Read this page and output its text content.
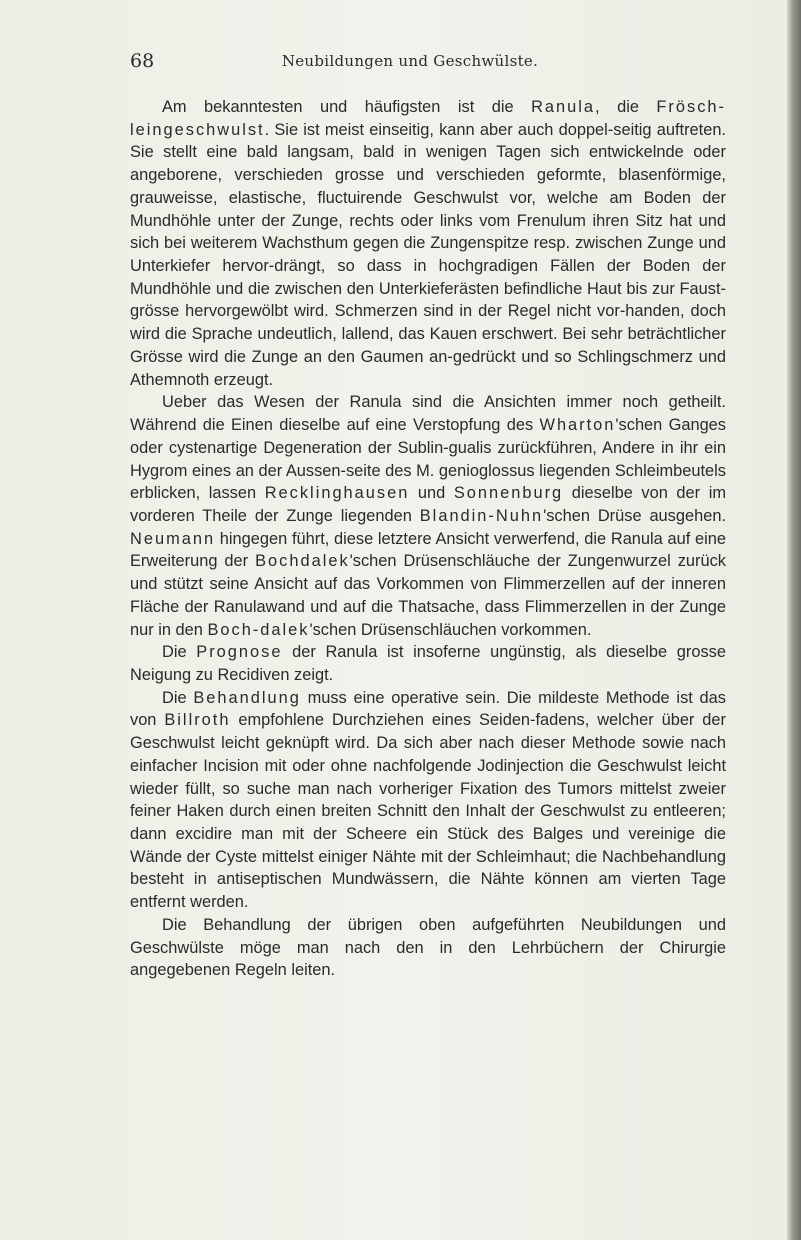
68	Neubildungen und Geschwülste.

Am bekanntesten und häufigsten ist die Ranula, die Frösch-leingeschwulst. Sie ist meist einseitig, kann aber auch doppel-seitig auftreten. Sie stellt eine bald langsam, bald in wenigen Tagen sich entwickelnde oder angeborene, verschieden grosse und verschieden geformte, blasenförmige, grauweisse, elastische, fluctuirende Geschwulst vor, welche am Boden der Mundhöhle unter der Zunge, rechts oder links vom Frenulum ihren Sitz hat und sich bei weiterem Wachsthum gegen die Zungenspitze resp. zwischen Zunge und Unterkiefer hervor-drängt, so dass in hochgradigen Fällen der Boden der Mundhöhle und die zwischen den Unterkieferästen befindliche Haut bis zur Faust-grösse hervorgewölbt wird. Schmerzen sind in der Regel nicht vor-handen, doch wird die Sprache undeutlich, lallend, das Kauen erschwert. Bei sehr beträchtlicher Grösse wird die Zunge an den Gaumen an-gedrückt und so Schlingschmerz und Athemnoth erzeugt.

Ueber das Wesen der Ranula sind die Ansichten immer noch getheilt. Während die Einen dieselbe auf eine Verstopfung des Wharton'schen Ganges oder cystenartige Degeneration der Sublin-gualis zurückführen, Andere in ihr ein Hygrom eines an der Aussen-seite des M. genioglossus liegenden Schleimbeutels erblicken, lassen Recklinghausen und Sonnenburg dieselbe von der im vorderen Theile der Zunge liegenden Blandin-Nuhn'schen Drüse ausgehen. Neumann hingegen führt, diese letztere Ansicht verwerfend, die Ranula auf eine Erweiterung der Bochdalek'schen Drüsenschläuche der Zungenwurzel zurück und stützt seine Ansicht auf das Vorkommen von Flimmerzellen auf der inneren Fläche der Ranulawand und auf die Thatsache, dass Flimmerzellen in der Zunge nur in den Boch-dalek'schen Drüsenschläuchen vorkommen.

Die Prognose der Ranula ist insoferne ungünstig, als dieselbe grosse Neigung zu Recidiven zeigt.

Die Behandlung muss eine operative sein. Die mildeste Methode ist das von Billroth empfohlene Durchziehen eines Seiden-fadens, welcher über der Geschwulst leicht geknüpft wird. Da sich aber nach dieser Methode sowie nach einfacher Incision mit oder ohne nachfolgende Jodinjection die Geschwulst leicht wieder füllt, so suche man nach vorheriger Fixation des Tumors mittelst zweier feiner Haken durch einen breiten Schnitt den Inhalt der Geschwulst zu entleeren; dann excidire man mit der Scheere ein Stück des Balges und vereinige die Wände der Cyste mittelst einiger Nähte mit der Schleimhaut; die Nachbehandlung besteht in antiseptischen Mundwässern, die Nähte können am vierten Tage entfernt werden.

Die Behandlung der übrigen oben aufgeführten Neubildungen und Geschwülste möge man nach den in den Lehrbüchern der Chirurgie angegebenen Regeln leiten.
